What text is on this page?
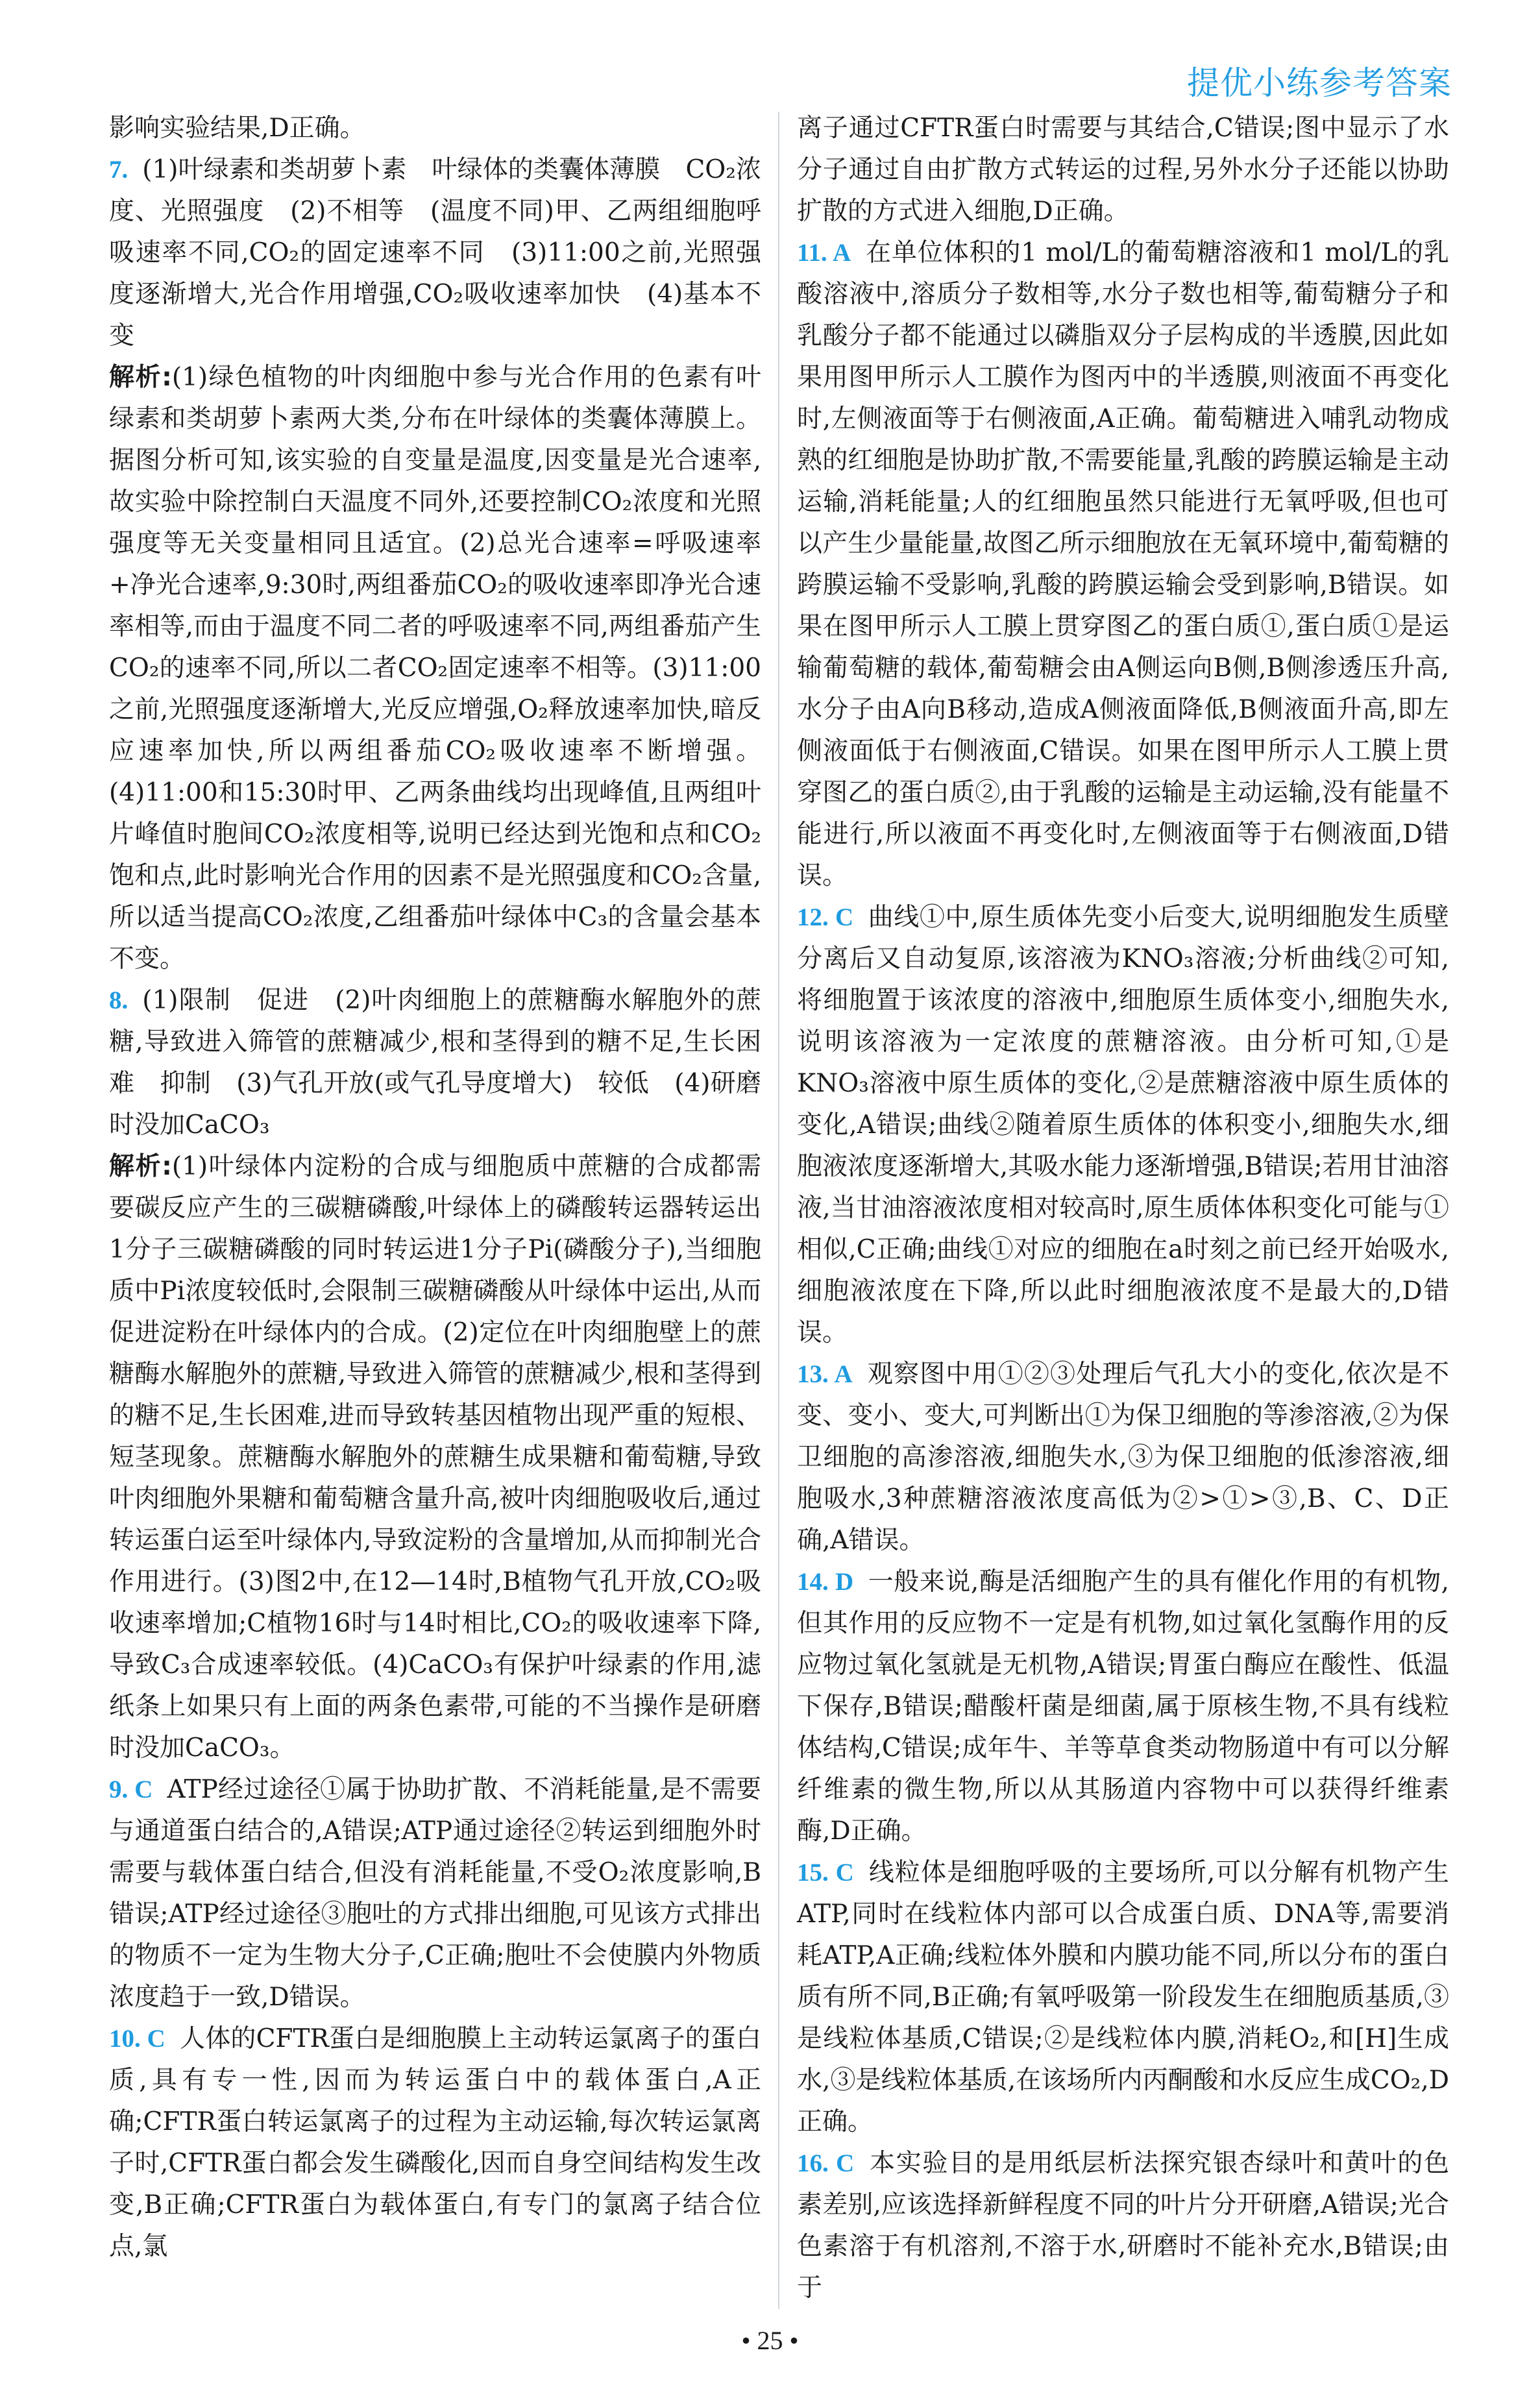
提优小练参考答案

影响实验结果,D正确。

7. (1)叶绿素和类胡萝卜素　叶绿体的类囊体薄膜　CO₂浓度、光照强度　(2)不相等　(温度不同)甲、乙两组细胞呼吸速率不同,CO₂的固定速率不同　(3)11:00之前,光照强度逐渐增大,光合作用增强,CO₂吸收速率加快　(4)基本不变

解析:(1)绿色植物的叶肉细胞中参与光合作用的色素有叶绿素和类胡萝卜素两大类,分布在叶绿体的类囊体薄膜上。据图分析可知,该实验的自变量是温度,因变量是光合速率,故实验中除控制白天温度不同外,还要控制CO₂浓度和光照强度等无关变量相同且适宜。(2)总光合速率=呼吸速率+净光合速率,9:30时,两组番茄CO₂的吸收速率即净光合速率相等,而由于温度不同二者的呼吸速率不同,两组番茄产生CO₂的速率不同,所以二者CO₂固定速率不相等。(3)11:00之前,光照强度逐渐增大,光反应增强,O₂释放速率加快,暗反应速率加快,所以两组番茄CO₂吸收速率不断增强。(4)11:00和15:30时甲、乙两条曲线均出现峰值,且两组叶片峰值时胞间CO₂浓度相等,说明已经达到光饱和点和CO₂饱和点,此时影响光合作用的因素不是光照强度和CO₂含量,所以适当提高CO₂浓度,乙组番茄叶绿体中C₃的含量会基本不变。

8. (1)限制　促进　(2)叶肉细胞上的蔗糖酶水解胞外的蔗糖,导致进入筛管的蔗糖减少,根和茎得到的糖不足,生长困难　抑制　(3)气孔开放(或气孔导度增大)　较低　(4)研磨时没加CaCO₃

解析:(1)叶绿体内淀粉的合成与细胞质中蔗糖的合成都需要碳反应产生的三碳糖磷酸,叶绿体上的磷酸转运器转运出1分子三碳糖磷酸的同时转运进1分子Pi(磷酸分子),当细胞质中Pi浓度较低时,会限制三碳糖磷酸从叶绿体中运出,从而促进淀粉在叶绿体内的合成。(2)定位在叶肉细胞壁上的蔗糖酶水解胞外的蔗糖,导致进入筛管的蔗糖减少,根和茎得到的糖不足,生长困难,进而导致转基因植物出现严重的短根、短茎现象。蔗糖酶水解胞外的蔗糖生成果糖和葡萄糖,导致叶肉细胞外果糖和葡萄糖含量升高,被叶肉细胞吸收后,通过转运蛋白运至叶绿体内,导致淀粉的含量增加,从而抑制光合作用进行。(3)图2中,在12—14时,B植物气孔开放,CO₂吸收速率增加;C植物16时与14时相比,CO₂的吸收速率下降,导致C₃合成速率较低。(4)CaCO₃有保护叶绿素的作用,滤纸条上如果只有上面的两条色素带,可能的不当操作是研磨时没加CaCO₃。

9. C ATP经过途径①属于协助扩散、不消耗能量,是不需要与通道蛋白结合的,A错误;ATP通过途径②转运到细胞外时需要与载体蛋白结合,但没有消耗能量,不受O₂浓度影响,B错误;ATP经过途径③胞吐的方式排出细胞,可见该方式排出的物质不一定为生物大分子,C正确;胞吐不会使膜内外物质浓度趋于一致,D错误。

10. C 人体的CFTR蛋白是细胞膜上主动转运氯离子的蛋白质,具有专一性,因而为转运蛋白中的载体蛋白,A正确;CFTR蛋白转运氯离子的过程为主动运输,每次转运氯离子时,CFTR蛋白都会发生磷酸化,因而自身空间结构发生改变,B正确;CFTR蛋白为载体蛋白,有专门的氯离子结合位点,氯

离子通过CFTR蛋白时需要与其结合,C错误;图中显示了水分子通过自由扩散方式转运的过程,另外水分子还能以协助扩散的方式进入细胞,D正确。

11. A 在单位体积的1 mol/L的葡萄糖溶液和1 mol/L的乳酸溶液中,溶质分子数相等,水分子数也相等,葡萄糖分子和乳酸分子都不能通过以磷脂双分子层构成的半透膜,因此如果用图甲所示人工膜作为图丙中的半透膜,则液面不再变化时,左侧液面等于右侧液面,A正确。葡萄糖进入哺乳动物成熟的红细胞是协助扩散,不需要能量,乳酸的跨膜运输是主动运输,消耗能量;人的红细胞虽然只能进行无氧呼吸,但也可以产生少量能量,故图乙所示细胞放在无氧环境中,葡萄糖的跨膜运输不受影响,乳酸的跨膜运输会受到影响,B错误。如果在图甲所示人工膜上贯穿图乙的蛋白质①,蛋白质①是运输葡萄糖的载体,葡萄糖会由A侧运向B侧,B侧渗透压升高,水分子由A向B移动,造成A侧液面降低,B侧液面升高,即左侧液面低于右侧液面,C错误。如果在图甲所示人工膜上贯穿图乙的蛋白质②,由于乳酸的运输是主动运输,没有能量不能进行,所以液面不再变化时,左侧液面等于右侧液面,D错误。

12. C 曲线①中,原生质体先变小后变大,说明细胞发生质壁分离后又自动复原,该溶液为KNO₃溶液;分析曲线②可知,将细胞置于该浓度的溶液中,细胞原生质体变小,细胞失水,说明该溶液为一定浓度的蔗糖溶液。由分析可知,①是KNO₃溶液中原生质体的变化,②是蔗糖溶液中原生质体的变化,A错误;曲线②随着原生质体的体积变小,细胞失水,细胞液浓度逐渐增大,其吸水能力逐渐增强,B错误;若用甘油溶液,当甘油溶液浓度相对较高时,原生质体体积变化可能与①相似,C正确;曲线①对应的细胞在a时刻之前已经开始吸水,细胞液浓度在下降,所以此时细胞液浓度不是最大的,D错误。

13. A 观察图中用①②③处理后气孔大小的变化,依次是不变、变小、变大,可判断出①为保卫细胞的等渗溶液,②为保卫细胞的高渗溶液,细胞失水,③为保卫细胞的低渗溶液,细胞吸水,3种蔗糖溶液浓度高低为②>①>③,B、C、D正确,A错误。

14. D 一般来说,酶是活细胞产生的具有催化作用的有机物,但其作用的反应物不一定是有机物,如过氧化氢酶作用的反应物过氧化氢就是无机物,A错误;胃蛋白酶应在酸性、低温下保存,B错误;醋酸杆菌是细菌,属于原核生物,不具有线粒体结构,C错误;成年牛、羊等草食类动物肠道中有可以分解纤维素的微生物,所以从其肠道内容物中可以获得纤维素酶,D正确。

15. C 线粒体是细胞呼吸的主要场所,可以分解有机物产生ATP,同时在线粒体内部可以合成蛋白质、DNA等,需要消耗ATP,A正确;线粒体外膜和内膜功能不同,所以分布的蛋白质有所不同,B正确;有氧呼吸第一阶段发生在细胞质基质,③是线粒体基质,C错误;②是线粒体内膜,消耗O₂,和[H]生成水,③是线粒体基质,在该场所内丙酮酸和水反应生成CO₂,D正确。

16. C 本实验目的是用纸层析法探究银杏绿叶和黄叶的色素差别,应该选择新鲜程度不同的叶片分开研磨,A错误;光合色素溶于有机溶剂,不溶于水,研磨时不能补充水,B错误;由于

• 25 •
